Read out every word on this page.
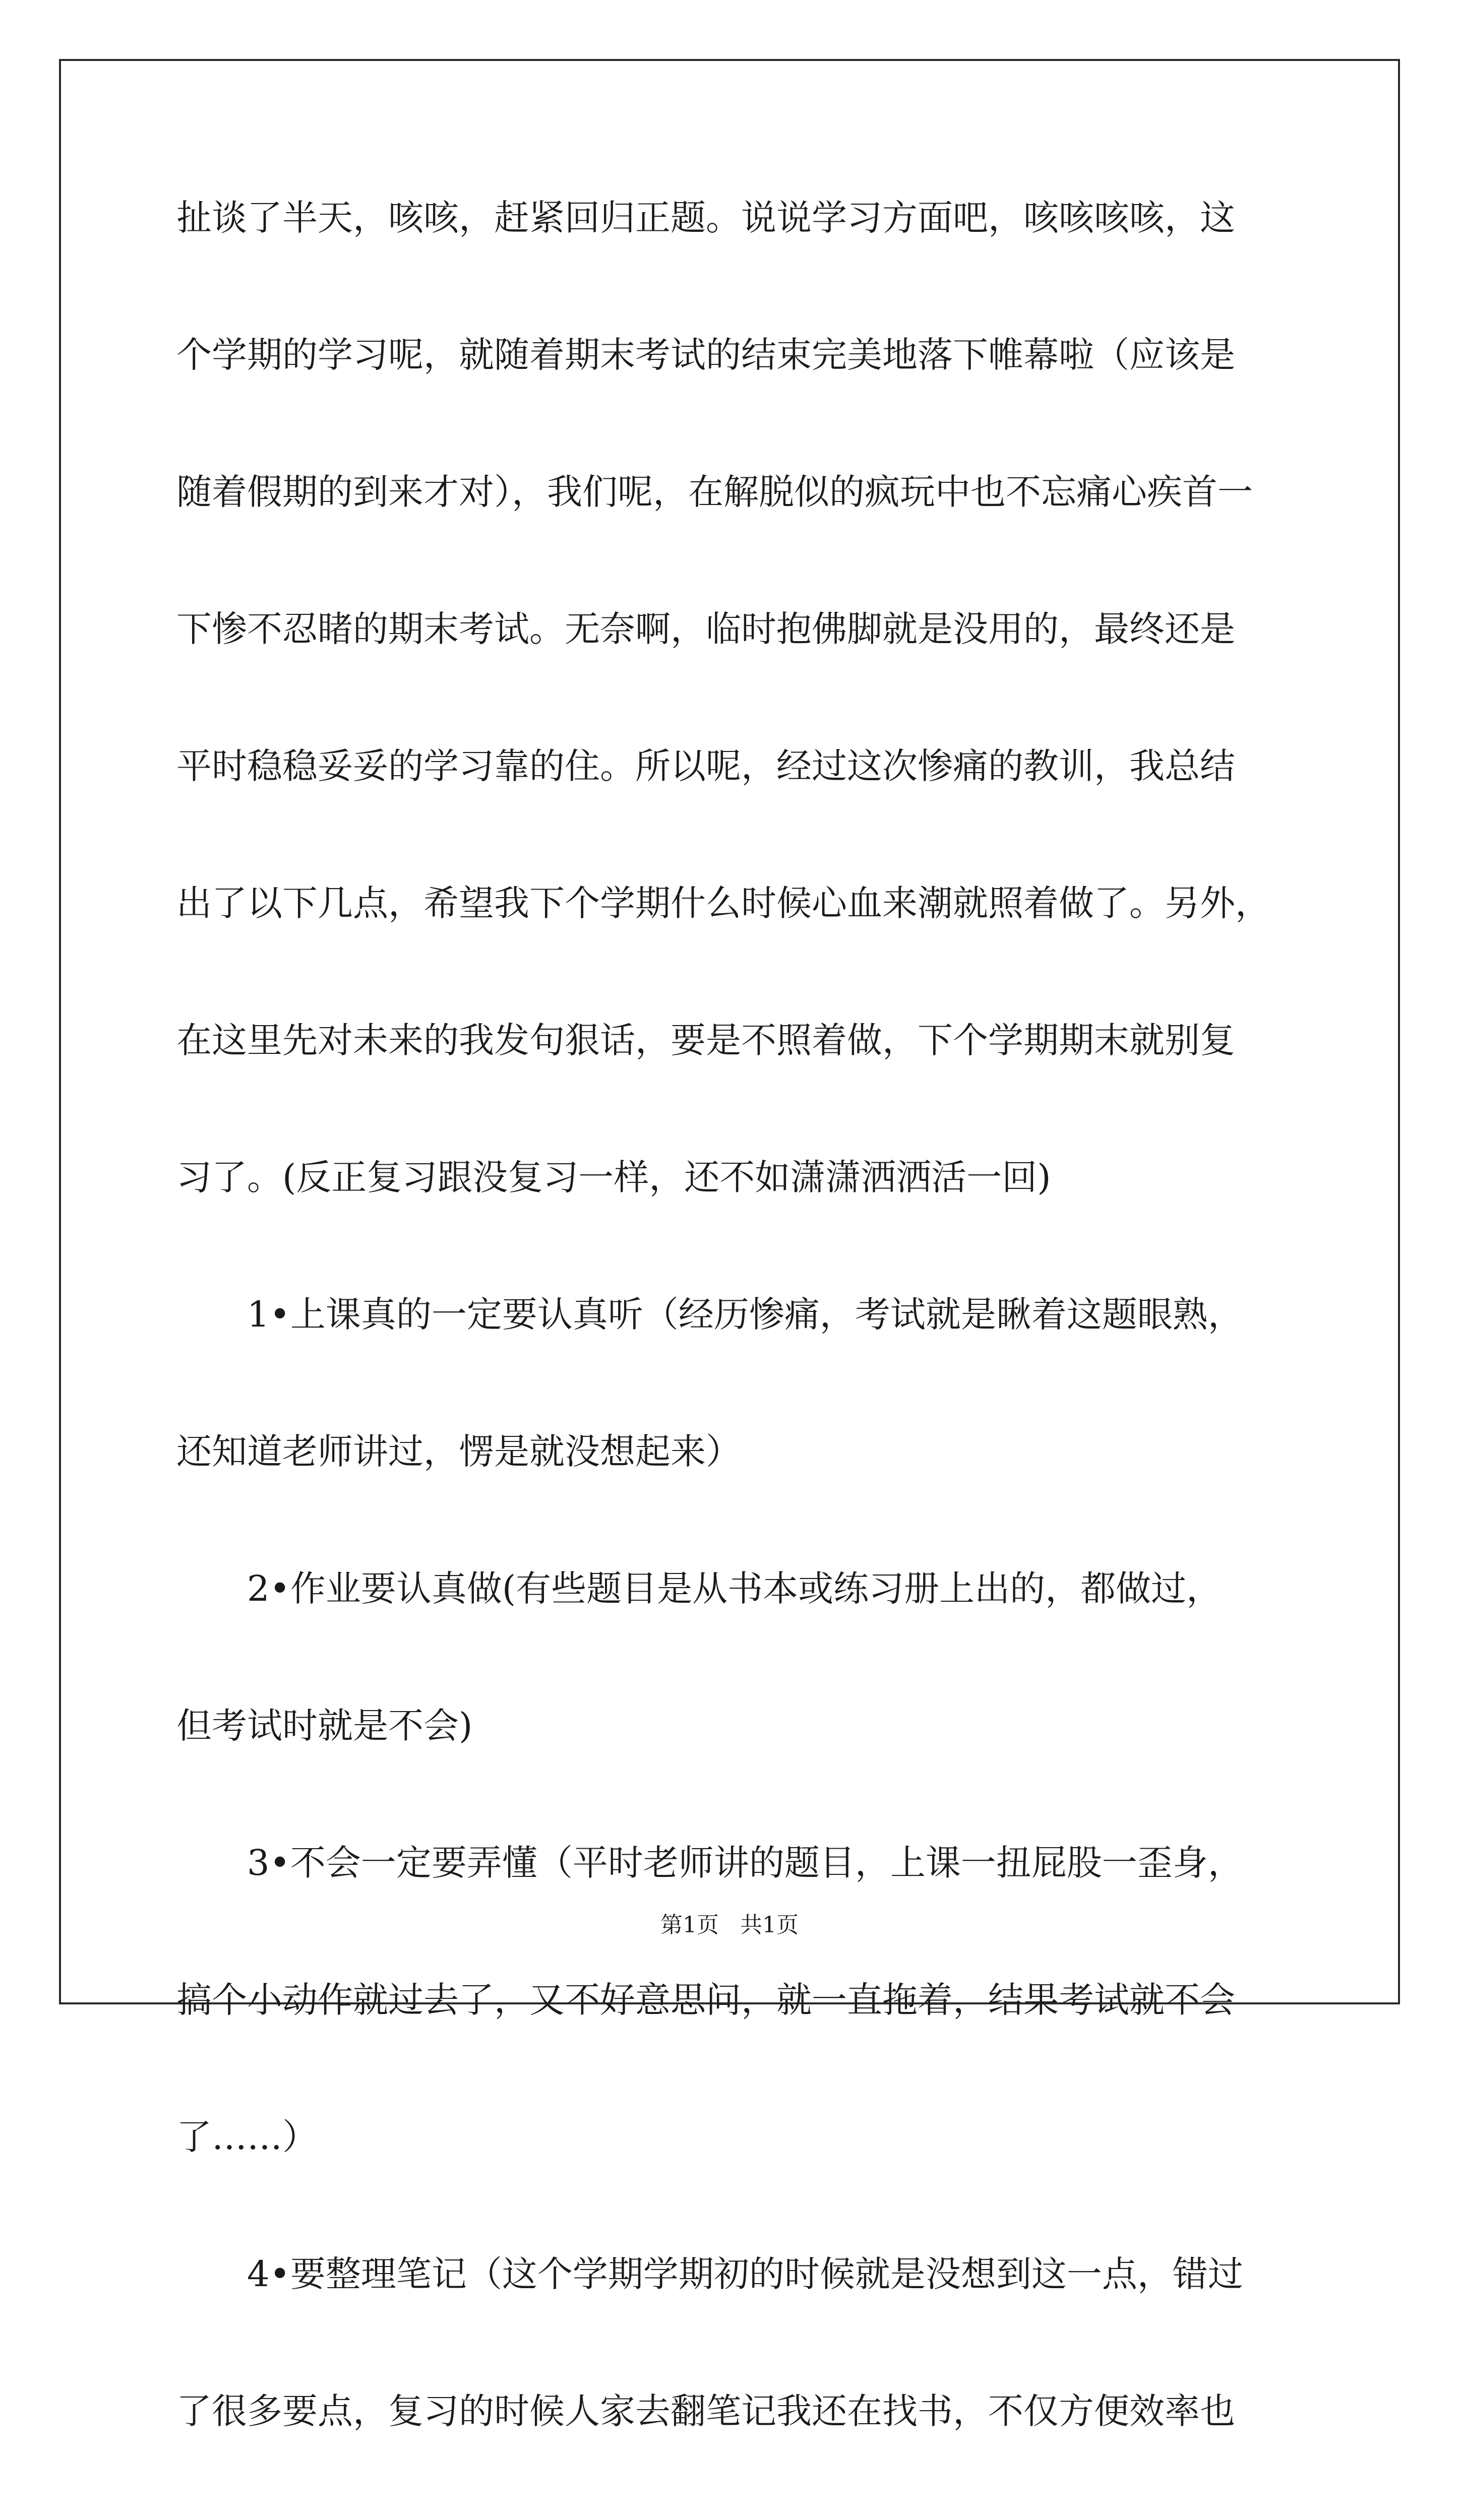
扯谈了半天，咳咳，赶紧回归正题。说说学习方面吧，咳咳咳咳，这
个学期的学习呢，就随着期末考试的结束完美地落下帷幕啦（应该是
随着假期的到来才对），我们呢，在解脱似的疯玩中也不忘痛心疾首一
下惨不忍睹的期末考试。无奈啊，临时抱佛脚就是没用的，最终还是
平时稳稳妥妥的学习靠的住。所以呢，经过这次惨痛的教训，我总结
出了以下几点，希望我下个学期什么时候心血来潮就照着做了。另外，
在这里先对未来的我发句狠话，要是不照着做，下个学期期末就别复
习了。(反正复习跟没复习一样，还不如潇潇洒洒活一回)
1•上课真的一定要认真听（经历惨痛，考试就是瞅着这题眼熟，
还知道老师讲过，愣是就没想起来）
2•作业要认真做(有些题目是从书本或练习册上出的，都做过，
但考试时就是不会)
3•不会一定要弄懂（平时老师讲的题目，上课一扭屁股一歪身，
搞个小动作就过去了，又不好意思问，就一直拖着，结果考试就不会
了……）
4•要整理笔记（这个学期学期初的时候就是没想到这一点，错过
了很多要点，复习的时候人家去翻笔记我还在找书，不仅方便效率也
第1页   共1页
